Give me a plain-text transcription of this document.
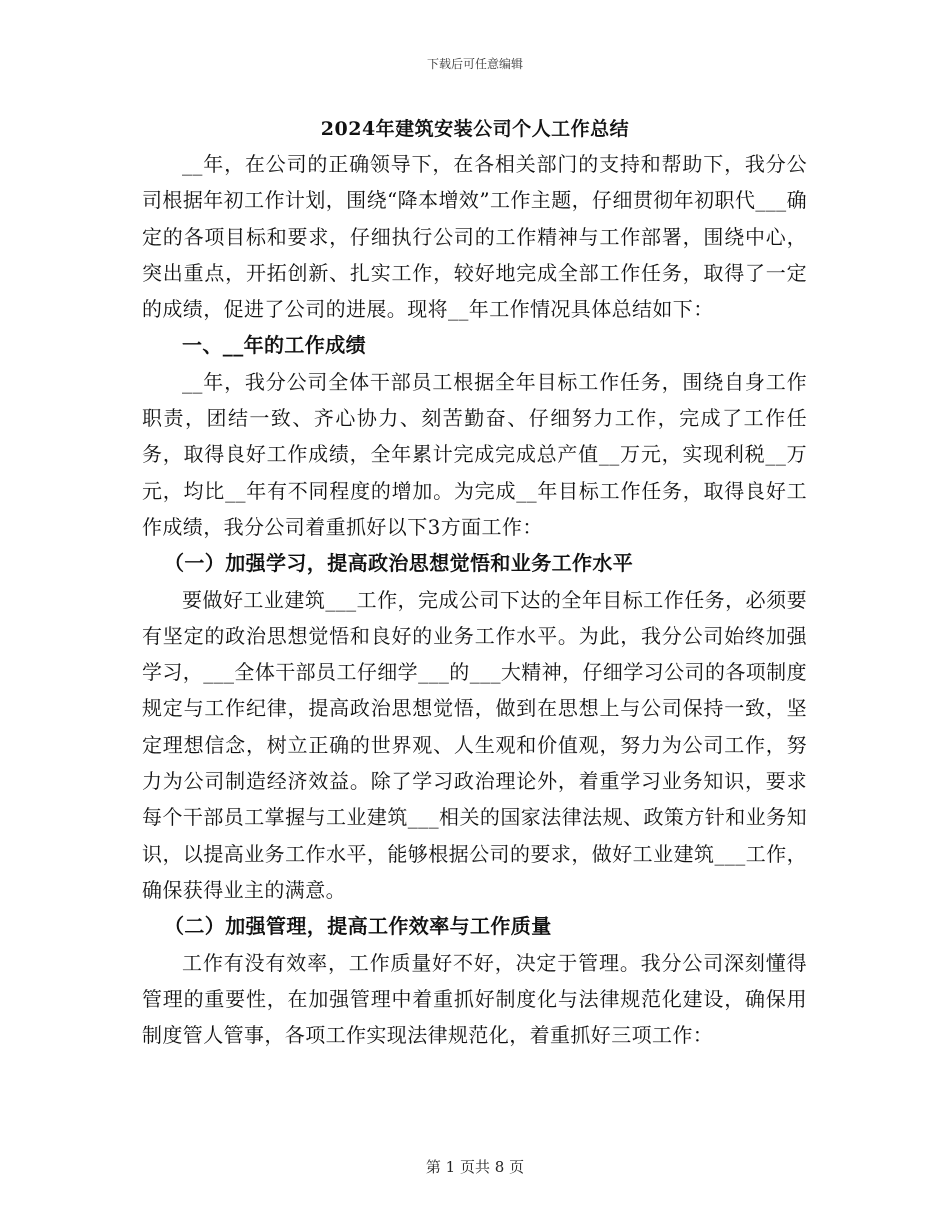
下载后可任意编辑
2024年建筑安装公司个人工作总结

__年，在公司的正确领导下，在各相关部门的支持和帮助下，我分公司根据年初工作计划，围绕“降本增效”工作主题，仔细贯彻年初职代___确定的各项目标和要求，仔细执行公司的工作精神与工作部署，围绕中心，突出重点，开拓创新、扎实工作，较好地完成全部工作任务，取得了一定的成绩，促进了公司的进展。现将__年工作情况具体总结如下：

一、__年的工作成绩

__年，我分公司全体干部员工根据全年目标工作任务，围绕自身工作职责，团结一致、齐心协力、刻苦勤奋、仔细努力工作，完成了工作任务，取得良好工作成绩，全年累计完成完成总产值__万元，实现利税__万元，均比__年有不同程度的增加。为完成__年目标工作任务，取得良好工作成绩，我分公司着重抓好以下3方面工作：

（一）加强学习，提高政治思想觉悟和业务工作水平

要做好工业建筑___工作，完成公司下达的全年目标工作任务，必须要有坚定的政治思想觉悟和良好的业务工作水平。为此，我分公司始终加强学习，___全体干部员工仔细学___的___大精神，仔细学习公司的各项制度规定与工作纪律，提高政治思想觉悟，做到在思想上与公司保持一致，坚定理想信念，树立正确的世界观、人生观和价值观，努力为公司工作，努力为公司制造经济效益。除了学习政治理论外，着重学习业务知识，要求每个干部员工掌握与工业建筑___相关的国家法律法规、政策方针和业务知识，以提高业务工作水平，能够根据公司的要求，做好工业建筑___工作，确保获得业主的满意。

（二）加强管理，提高工作效率与工作质量

工作有没有效率，工作质量好不好，决定于管理。我分公司深刻懂得管理的重要性，在加强管理中着重抓好制度化与法律规范化建设，确保用制度管人管事，各项工作实现法律规范化，着重抓好三项工作：

第 1 页共 8 页
